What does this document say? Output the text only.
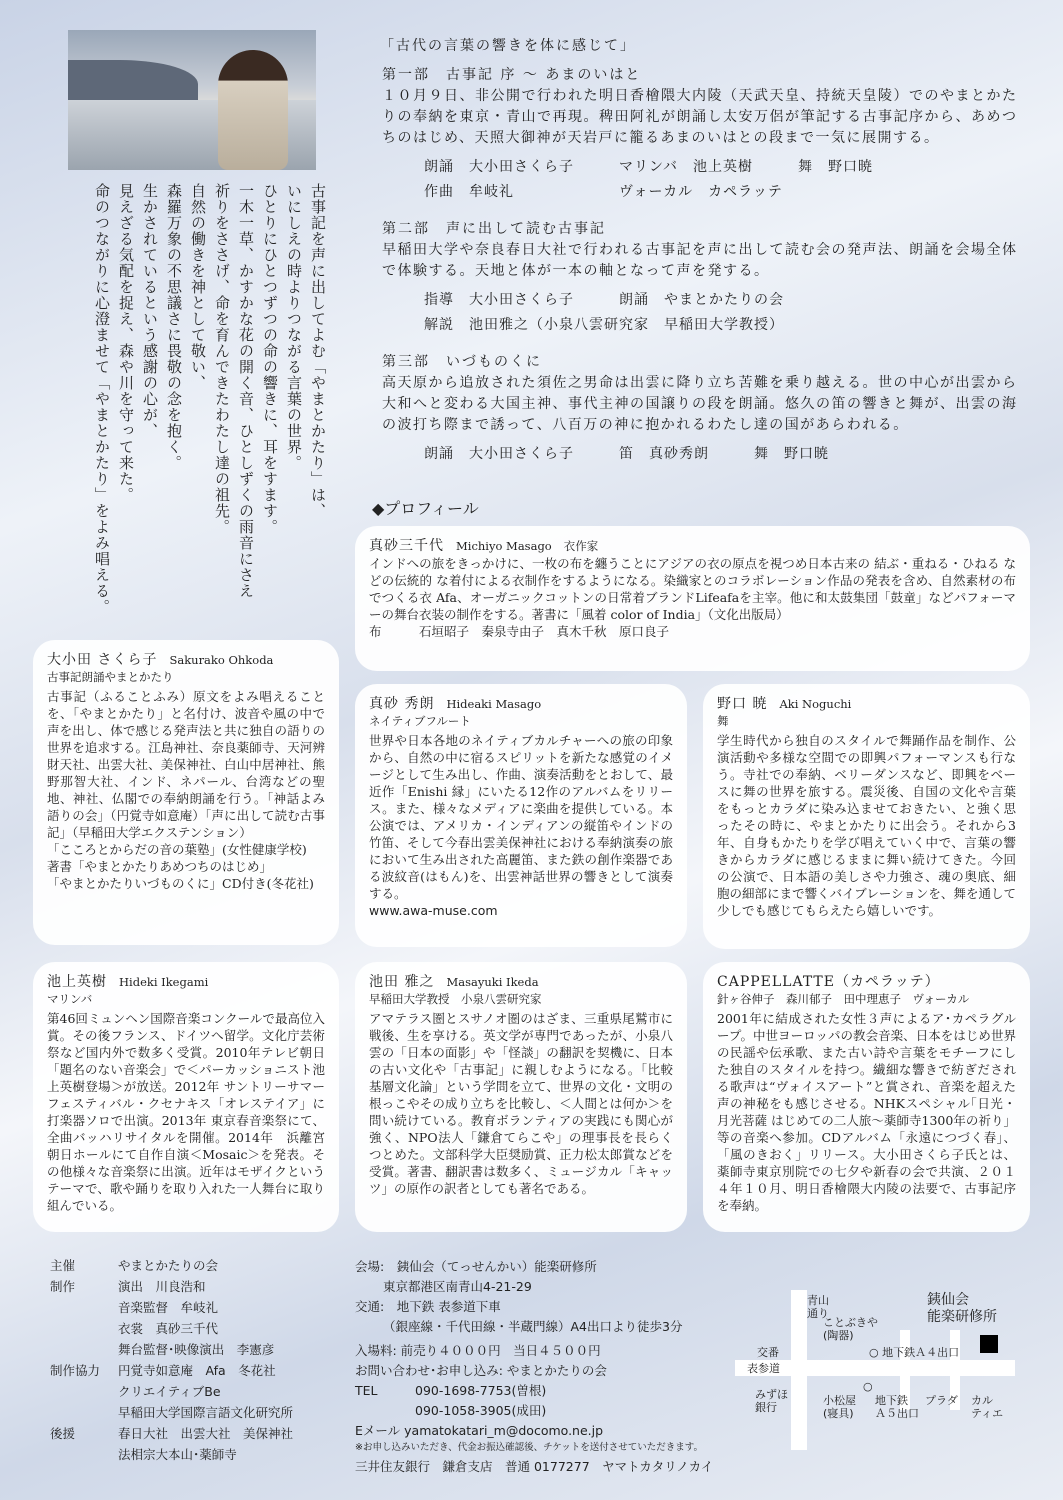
古事記を声に出してよむ「やまとかたり」は、

いにしえの時よりつながる言葉の世界。

ひとりにひとつずつの命の響きに、耳をすます。

一木一草、かすかな花の開く音、ひとしずくの雨音にさえ

祈りをささげ、命を育んできたわたし達の祖先。

自然の働きを神として敬い、

森羅万象の不思議さに畏敬の念を抱く。

生かされているという感謝の心が、

見えざる気配を捉え、森や川を守って来た。

命のつながりに心澄ませて「やまとかたり」をよみ唱える。

「古代の言葉の響きを体に感じて」
第一部　古事記 序 ～ あまのいはと
１０月９日、非公開で行われた明日香檜隈大内陵（天武天皇、持統天皇陵）でのやまとかたりの奉納を東京・青山で再現。稗田阿礼が朗誦し太安万侶が筆記する古事記序から、あめつちのはじめ、天照大御神が天岩戸に籠るあまのいはとの段まで一気に展開する。
朗誦　大小田さくら子　　　マリンバ　池上英樹　　　舞　野口暁
作曲　牟岐礼　　　　　　　ヴォーカル　カペラッテ
第二部　声に出して読む古事記
早稲田大学や奈良春日大社で行われる古事記を声に出して読む会の発声法、朗誦を会場全体で体験する。天地と体が一本の軸となって声を発する。
指導　大小田さくら子　　　朗誦　やまとかたりの会
解説　池田雅之（小泉八雲研究家　早稲田大学教授）
第三部　いづものくに
高天原から追放された須佐之男命は出雲に降り立ち苦難を乗り越える。世の中心が出雲から大和へと変わる大国主神、事代主神の国譲りの段を朗誦。悠久の笛の響きと舞が、出雲の海の波打ち際まで誘って、八百万の神に抱かれるわたし達の国があらわれる。
朗誦　大小田さくら子　　　笛　真砂秀朗　　　舞　野口暁
◆プロフィール
真砂三千代 Michiyo Masago 衣作家
インドへの旅をきっかけに、一枚の布を纏うことにアジアの衣の原点を視つめ日本古来の 結ぶ・重ねる・ひねる などの伝統的 な着付による衣制作をするようになる。染織家とのコラボレーション作品の発表を含め、自然素材の布でつくる衣 Afa、オーガニックコットンの日常着ブランドLifeafaを主宰。他に和太鼓集団「鼓童」などパフォーマーの舞台衣装の制作をする。著書に「風着 color of India」（文化出版局）
布　　　石垣昭子　秦泉寺由子　真木千秋　原口良子
大小田 さくら子 Sakurako Ohkoda
古事記朗誦やまとかたり
古事記（ふることふみ）原文をよみ唱えることを、「やまとかたり」と名付け、波音や風の中で声を出し、体で感じる発声法と共に独自の語りの世界を追求する。江島神社、奈良薬師寺、天河辨財天社、出雲大社、美保神社、白山中居神社、熊野那智大社、インド、ネパール、台湾などの聖地、神社、仏閣での奉納朗誦を行う。「神話よみ語りの会」（円覚寺如意庵）「声に出して読む古事記」（早稲田大学エクステンション）
「こころとからだの音の葉塾」(女性健康学校)
著書「やまとかたりあめつちのはじめ」
「やまとかたりいづものくに」CD付き(冬花社)
真砂 秀朗 Hideaki Masago
ネイティブフルート
世界や日本各地のネイティブカルチャーへの旅の印象から、自然の中に宿るスピリットを新たな感覚のイメージとして生み出し、作曲、演奏活動をとおして、最近作「Enishi 縁」にいたる12作のアルバムをリリース。また、様々なメディアに楽曲を提供している。本公演では、アメリカ・インディアンの縦笛やインドの竹笛、そして今春出雲美保神社における奉納演奏の旅において生み出された高麗笛、また鉄の創作楽器である波紋音(はもん)を、出雲神話世界の響きとして演奏する。
www.awa-muse.com
野口 暁 Aki Noguchi
舞
学生時代から独自のスタイルで舞踊作品を制作、公演活動や多様な空間での即興パフォーマンスも行なう。寺社での奉納、ベリーダンスなど、即興をベースに舞の世界を旅する。震災後、自国の文化や言葉をもっとカラダに染み込ませておきたい、と強く思ったその時に、やまとかたりに出会う。それから3年、自身もかたりを学び唱えていく中で、言葉の響きからカラダに感じるままに舞い続けてきた。今回の公演で、日本語の美しさや力強さ、魂の奥底、細胞の細部にまで響くバイブレーションを、舞を通して少しでも感じてもらえたら嬉しいです。
池上英樹 Hideki Ikegami
マリンバ
第46回ミュンヘン国際音楽コンクールで最高位入賞。その後フランス、ドイツへ留学。文化庁芸術祭など国内外で数多く受賞。2010年テレビ朝日「題名のない音楽会」で＜パーカッショニスト池上英樹登場＞が放送。2012年 サントリーサマーフェスティバル・クセナキス「オレステイア」に打楽器ソロで出演。2013年 東京春音楽祭にて、全曲バッハリサイタルを開催。2014年　浜離宮朝日ホールにて自作自演＜Mosaic＞を発表。その他様々な音楽祭に出演。近年はモザイクというテーマで、歌や踊りを取り入れた一人舞台に取り組んでいる。
池田 雅之 Masayuki Ikeda
早稲田大学教授　小泉八雲研究家
アマテラス圏とスサノオ圏のはざま、三重県尾鷲市に戦後、生を享ける。英文学が専門であったが、小泉八雲の「日本の面影」や「怪談」の翻訳を契機に、日本の古い文化や「古事記」に親しむようになる。「比較基層文化論」という学問を立て、世界の文化・文明の根っこやその成り立ちを比較し、＜人間とは何か＞を問い続けている。教育ボランティアの実践にも関心が強く、NPO法人「鎌倉てらこや」の理事長を長らくつとめた。文部科学大臣奨励賞、正力松太郎賞などを受賞。著書、翻訳書は数多く、ミュージカル「キャッツ」の原作の訳者としても著名である。
CAPPELLATTE（カペラッテ）
針ヶ谷伸子　森川郁子　田中理恵子　 ヴォーカル
2001年に結成された女性３声によるア･カペラグループ。中世ヨーロッパの教会音楽、日本をはじめ世界の民謡や伝承歌、また古い詩や言葉をモチーフにした独自のスタイルを持つ。繊細な響きで紡ぎだされる歌声は“ヴォイスアート”と賞され、音楽を超えた声の神秘をも感じさせる。NHKスペシャル｢日光・月光菩薩 はじめての二人旅～薬師寺1300年の祈り」等の音楽へ参加。CDアルバム「永遠につづく春」、「風のきおく」リリース。大小田さくら子氏とは、薬師寺東京別院での七夕や新春の会で共演、２０１４年１０月、明日香檜隈大内陵の法要で、古事記序を奉納。
主催	やまとかたりの会
制作	演出　川良浩和
音楽監督　牟岐礼
衣裳　真砂三千代
舞台監督･映像演出　李憲彦
制作協力	円覚寺如意庵　Afa　冬花社
クリエイティブBe
早稲田大学国際言語文化研究所
後援	春日大社　出雲大社　美保神社
法相宗大本山･薬師寺
会場:　 銕仙会（てっせんかい）能楽研修所
東京都港区南青山4-21-29
交通:　 地下鉄 表参道下車
（銀座線・千代田線・半蔵門線）A4出口より徒歩3分
入場料: 前売り４０００円　当日４５００円
お問い合わせ･お申し込み: やまとかたりの会
TEL	090-1698-7753(曽根)
090-1058-3905(成田)
Eメール yamatokatari_m@docomo.ne.jp
※お申し込みいただき、代金お振込確認後、チケットを送付させていただきます。
三井住友銀行　鎌倉支店　普通 0177277　ヤマトカタリノカイ
銕仙会
能楽研修所
青山
通り
ことぶきや
(陶器)
○ 地下鉄Ａ４出口
交番
表参道
みずほ
銀行
小松屋
(寝具)
○
地下鉄
Ａ５出口
プラダ カル
ティエ
